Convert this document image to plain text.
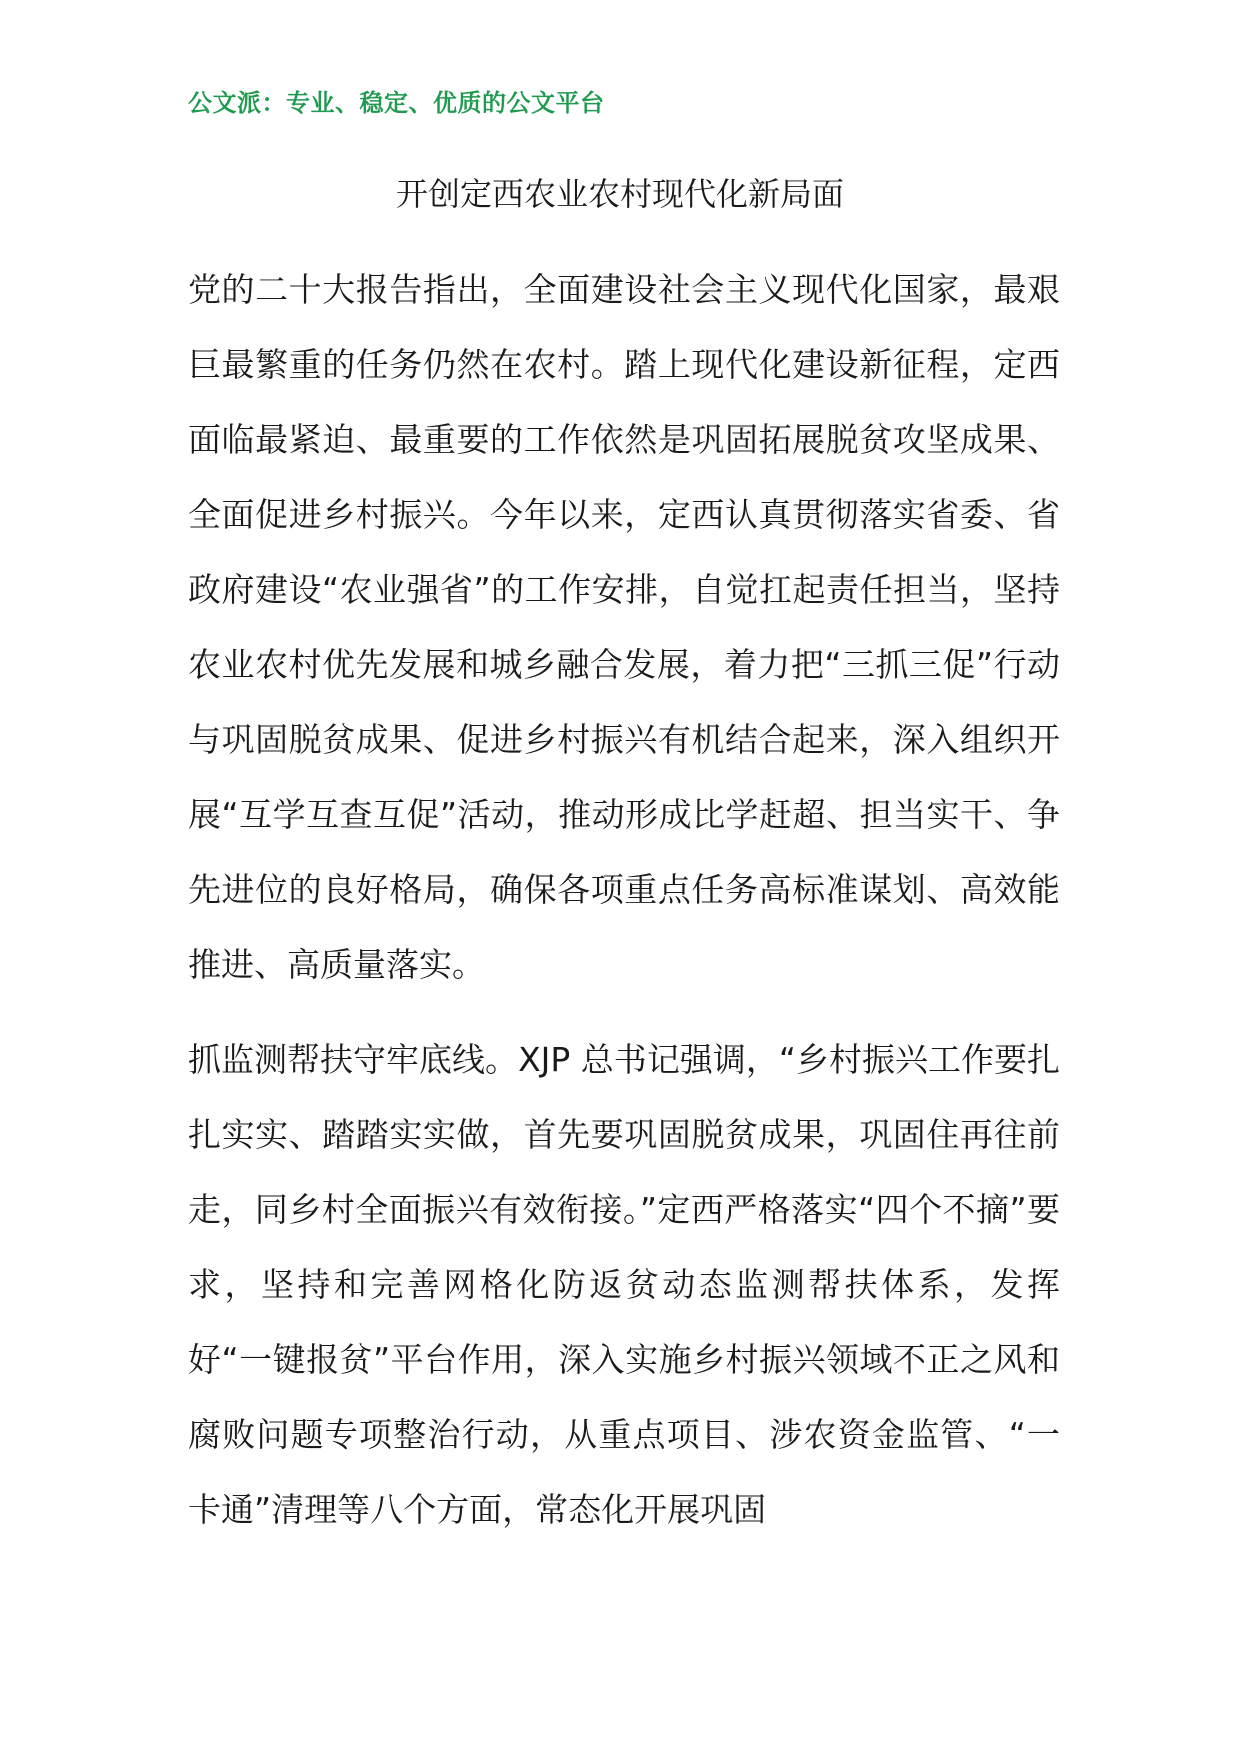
公文派：专业、稳定、优质的公文平台
开创定西农业农村现代化新局面

党的二十大报告指出，全面建设社会主义现代化国家，最艰巨最繁重的任务仍然在农村。踏上现代化建设新征程，定西面临最紧迫、最重要的工作依然是巩固拓展脱贫攻坚成果、全面促进乡村振兴。今年以来，定西认真贯彻落实省委、省政府建设“农业强省”的工作安排，自觉扛起责任担当，坚持农业农村优先发展和城乡融合发展，着力把“三抓三促”行动与巩固脱贫成果、促进乡村振兴有机结合起来，深入组织开展“互学互查互促”活动，推动形成比学赶超、担当实干、争先进位的良好格局，确保各项重点任务高标准谋划、高效能推进、高质量落实。

抓监测帮扶守牢底线。XJP 总书记强调，“乡村振兴工作要扎扎实实、踏踏实实做，首先要巩固脱贫成果，巩固住再往前走，同乡村全面振兴有效衔接。”定西严格落实“四个不摘”要求，坚持和完善网格化防返贫动态监测帮扶体系，发挥好“一键报贫”平台作用，深入实施乡村振兴领域不正之风和腐败问题专项整治行动，从重点项目、涉农资金监管、“一卡通”清理等八个方面，常态化开展巩固
